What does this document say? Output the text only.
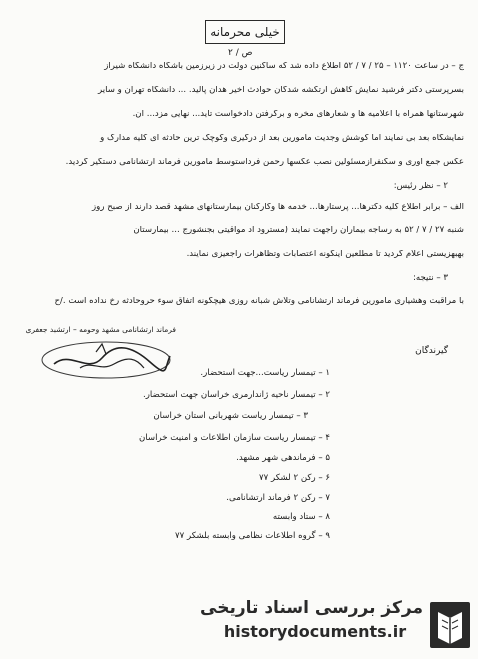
خیلی محرمانه
ص / ۲
ج – در ساعت ۱۱۲۰ – ۲۵ / ۷ / ۵۲ اطلاع داده شد که ساکنین دولت در زیرزمین باشگاه دانشگاه شیراز
بسرپرستی دکتر فرشید نمایش کاهش ارتکشه شدگان حوادث اخیر هدان پالید. ... دانشگاه تهران و سایر
شهرستانها همراه با اعلامیه ها و شعارهای مخره و برگرفتن دادخواست تاید... نهایی مزد... آن.
نمایشگاه بعد بی نمایند اما کوشش وجدیت مأمورین بعد از درگیری وکوچک ترین حادثه ای کلیه مدارک و
عکس جمع آوری و سکنفرازمسئولین نصب عکسها رحمن فرداستوسط مأمورین فرماند ارتشانامی دستگیر گردید.
۲ – نظر رئیس:
الف – برابر اطلاع کلیه دکترها... پرستارها... خدمه ها وکارکنان بیمارستانهای مشهد قصد دارند از صبح روز
شنبه ۲۷ / ۷ / ۵۲ به رساجه بیماران راجهت نمایند (مسترود اد مواقیتی بجنشورج ... بیمارستان
بهبهزیستی اعلام گردید تا مطلعین اینگونه اعتصابات وتظاهرات راجعیزی نمایند.
۳ – نتیجه:
با مراقبت وهشیاری مأمورین فرماند ارتشانامی وتلاش شبانه روزی هیچگونه اتفاق سوء حروحادثه رخ نداده است ./ح
فرماند ارتشانامی مشهد وحومه – ارتشبد جعفری
گیرندگان
۱ – تیمسار ریاست...جهت استحضار.
۲ – تیمسار ناحیه ژاندارمری خراسان جهت استحضار.
۳ – تیمسار ریاست شهربانی استان خراسان
۴ – تیمسار ریاست سازمان اطلاعات و امنیت خراسان
۵ – فرماندهی شهر مشهد.
۶ – رکن ۲ لشکر ۷۷
۷ – رکن ۲ فرماند ارتشانامی.
۸ – ستاد وابسته
۹ – گروه اطلاعات نظامی وابسته بلشکر ۷۷
مرکز بررسی اسناد تاریخی
historydocuments.ir
